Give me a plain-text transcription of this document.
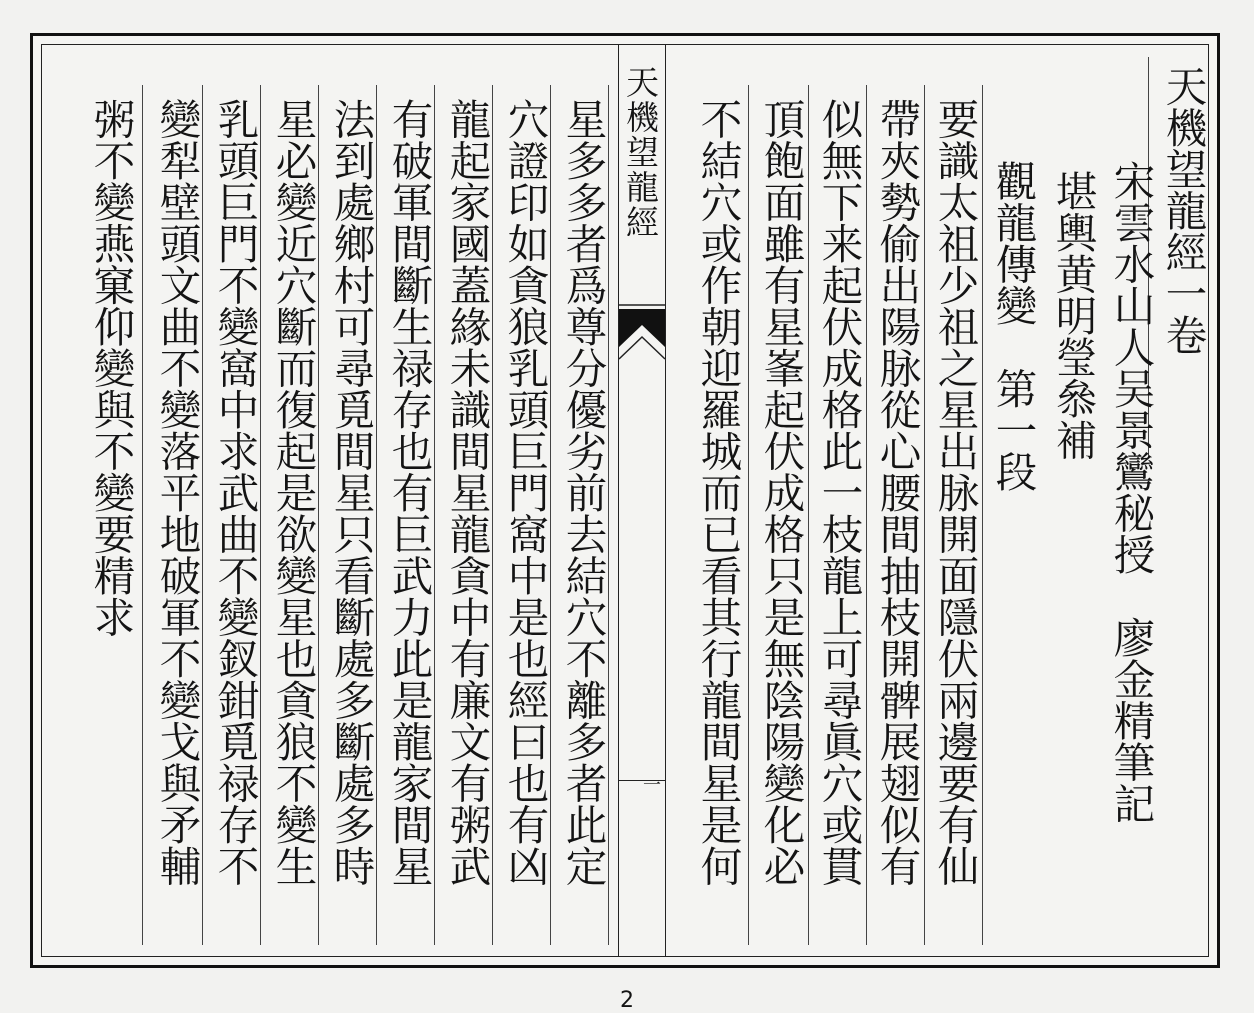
天機望龍經一卷
宋雲水山人吴景鸞秘授　廖金精筆記
堪輿黄明瑩叅補
觀龍傳變　第一段
要識太祖少祖之星出脉開面隱伏兩邊要有仙
帶夾勢偷出陽脉從心腰間抽枝開髀展翅似有
似無下来起伏成格此一枝龍上可尋眞穴或貫
頂飽面雖有星峯起伏成格只是無陰陽變化必
不結穴或作朝迎羅城而已看其行龍間星是何
天機望龍經
一
星多多者爲尊分優劣前去結穴不離多者此定
穴證印如貪狼乳頭巨門窩中是也經曰也有凶
龍起家國蓋緣未識間星龍貪中有廉文有粥武
有破軍間斷生禄存也有巨武力此是龍家間星
法到處鄉村可尋覓間星只看斷處多斷處多時
星必變近穴斷而復起是欲變星也貪狼不變生
乳頭巨門不變窩中求武曲不變釵鉗覓禄存不
變犁壁頭文曲不變落平地破軍不變戈與矛輔
粥不變燕窠仰變與不變要精求
2
